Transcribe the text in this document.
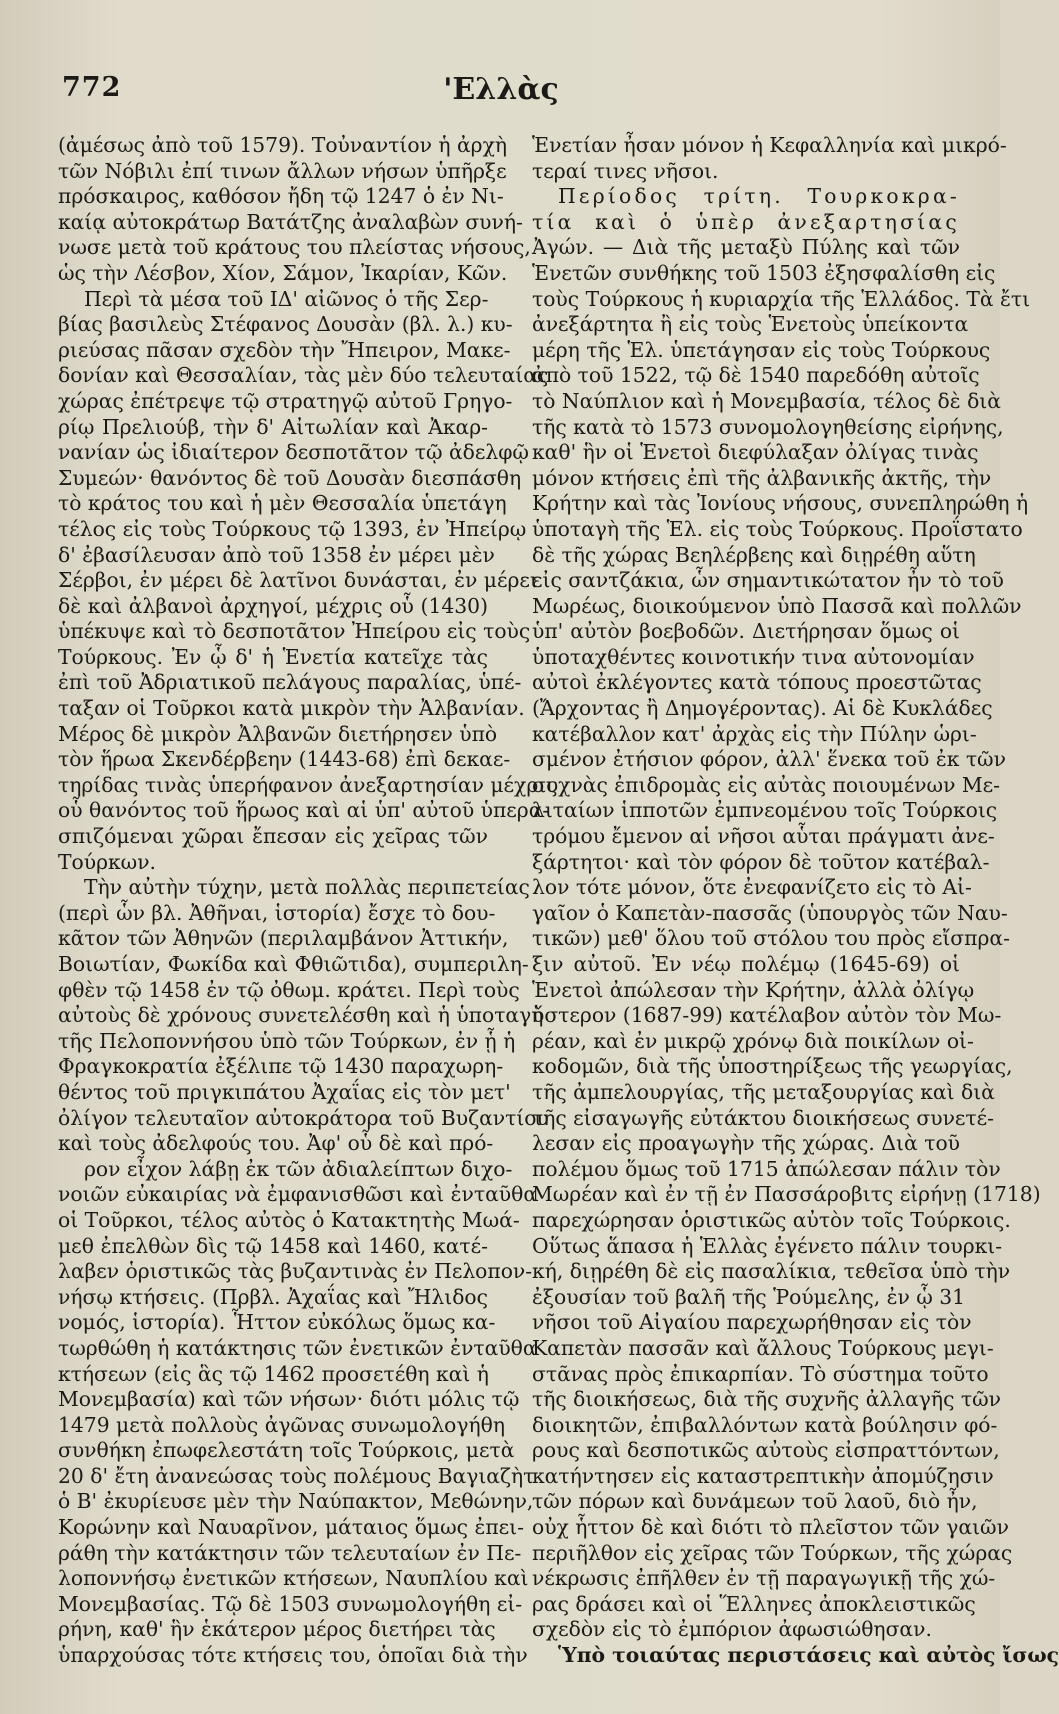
772	'Ελλὰς
(ἀμέσως ἀπὸ τοῦ 1579). Τοὐναντίον ἡ ἀρχὴ
τῶν Νόβιλι ἐπί τινων ἄλλων νήσων ὑπῆρξε
πρόσκαιρος, καθόσον ἤδη τῷ 1247 ὁ ἐν Νι-
καίᾳ αὐτοκράτωρ Βατάτζης ἀναλαβὼν συνή-
νωσε μετὰ τοῦ κράτους του πλείστας νήσους,
ὡς τὴν Λέσβον, Χίον, Σάμον, Ἰκαρίαν, Κῶν.
Περὶ τὰ μέσα τοῦ ΙΔ' αἰῶνος ὁ τῆς Σερ-
βίας βασιλεὺς Στέφανος Δουσὰν (βλ. λ.) κυ-
ριεύσας πᾶσαν σχεδὸν τὴν Ἤπειρον, Μακε-
δονίαν καὶ Θεσσαλίαν, τὰς μὲν δύο τελευταίας
χώρας ἐπέτρεψε τῷ στρατηγῷ αὐτοῦ Γρηγο-
ρίῳ Πρελιούβ, τὴν δ' Αἰτωλίαν καὶ Ἀκαρ-
νανίαν ὡς ἰδιαίτερον δεσποτᾶτον τῷ ἀδελφῷ
Συμεών· θανόντος δὲ τοῦ Δουσὰν διεσπάσθη
τὸ κράτος του καὶ ἡ μὲν Θεσσαλία ὑπετάγη
τέλος εἰς τοὺς Τούρκους τῷ 1393, ἐν Ἠπείρῳ
δ' ἐβασίλευσαν ἀπὸ τοῦ 1358 ἐν μέρει μὲν
Σέρβοι, ἐν μέρει δὲ λατῖνοι δυνάσται, ἐν μέρει
δὲ καὶ ἀλβανοὶ ἀρχηγοί, μέχρις οὗ (1430)
ὑπέκυψε καὶ τὸ δεσποτᾶτον Ἠπείρου εἰς τοὺς
Τούρκους. Ἐν ᾧ δ' ἡ Ἑνετία κατεῖχε τὰς
ἐπὶ τοῦ Ἀδριατικοῦ πελάγους παραλίας, ὑπέ-
ταξαν οἱ Τοῦρκοι κατὰ μικρὸν τὴν Ἀλβανίαν.
Μέρος δὲ μικρὸν Ἀλβανῶν διετήρησεν ὑπὸ
τὸν ἥρωα Σκενδέρβεην (1443-68) ἐπὶ δεκαε-
τηρίδας τινὰς ὑπερήφανον ἀνεξαρτησίαν μέχρις
οὗ θανόντος τοῦ ἥρωος καὶ αἱ ὑπ' αὐτοῦ ὑπερα-
σπιζόμεναι χῶραι ἔπεσαν εἰς χεῖρας τῶν
Τούρκων.
Τὴν αὐτὴν τύχην, μετὰ πολλὰς περιπετείας
(περὶ ὧν βλ. Ἀθῆναι, ἱστορία) ἔσχε τὸ δου-
κᾶτον τῶν Ἀθηνῶν (περιλαμβάνον Ἀττικήν,
Βοιωτίαν, Φωκίδα καὶ Φθιῶτιδα), συμπεριλη-
φθὲν τῷ 1458 ἐν τῷ ὀθωμ. κράτει. Περὶ τοὺς
αὐτοὺς δὲ χρόνους συνετελέσθη καὶ ἡ ὑποταγὴ
τῆς Πελοποννήσου ὑπὸ τῶν Τούρκων, ἐν ᾗ ἡ
Φραγκοκρατία ἐξέλιπε τῷ 1430 παραχωρη-
θέντος τοῦ πριγκιπάτου Ἀχαΐας εἰς τὸν μετ'
ὀλίγον τελευταῖον αὐτοκράτορα τοῦ Βυζαντίου
καὶ τοὺς ἀδελφούς του. Ἀφ' οὗ δὲ καὶ πρό-
ρον εἶχον λάβῃ ἐκ τῶν ἀδιαλείπτων διχο-
νοιῶν εὐκαιρίας νὰ ἐμφανισθῶσι καὶ ἐνταῦθα
οἱ Τοῦρκοι, τέλος αὐτὸς ὁ Κατακτητὴς Μωά-
μεθ ἐπελθὼν δὶς τῷ 1458 καὶ 1460, κατέ-
λαβεν ὁριστικῶς τὰς βυζαντινὰς ἐν Πελοπον-
νήσῳ κτήσεις. (Πρβλ. Ἀχαΐας καὶ Ἤλιδος
νομός, ἱστορία). Ἧττον εὐκόλως ὅμως κα-
τωρθώθη ἡ κατάκτησις τῶν ἐνετικῶν ἐνταῦθα
κτήσεων (εἰς ἃς τῷ 1462 προσετέθη καὶ ἡ
Μονεμβασία) καὶ τῶν νήσων· διότι μόλις τῷ
1479 μετὰ πολλοὺς ἀγῶνας συνωμολογήθη
συνθήκη ἐπωφελεστάτη τοῖς Τούρκοις, μετὰ
20 δ' ἔτη ἀνανεώσας τοὺς πολέμους Βαγιαζὴτ
ὁ Β' ἐκυρίευσε μὲν τὴν Ναύπακτον, Μεθώνην,
Κορώνην καὶ Ναυαρῖνον, μάταιος ὅμως ἐπει-
ράθη τὴν κατάκτησιν τῶν τελευταίων ἐν Πε-
λοποννήσῳ ἐνετικῶν κτήσεων, Ναυπλίου καὶ
Μονεμβασίας. Τῷ δὲ 1503 συνωμολογήθη εἰ-
ρήνη, καθ' ἣν ἑκάτερον μέρος διετήρει τὰς
ὑπαρχούσας τότε κτήσεις του, ὁποῖαι διὰ τὴν
Ἑνετίαν ἦσαν μόνον ἡ Κεφαλληνία καὶ μικρό-
τεραί τινες νῆσοι.
Περίοδος τρίτη. Τουρκοκρα-
τία καὶ ὁ ὑπὲρ ἀνεξαρτησίας
Ἀγών. — Διὰ τῆς μεταξὺ Πύλης καὶ τῶν
Ἑνετῶν συνθήκης τοῦ 1503 ἐξησφαλίσθη εἰς
τοὺς Τούρκους ἡ κυριαρχία τῆς Ἑλλάδος. Τὰ ἔτι
ἀνεξάρτητα ἢ εἰς τοὺς Ἑνετοὺς ὑπείκοντα
μέρη τῆς Ἑλ. ὑπετάγησαν εἰς τοὺς Τούρκους
ἀπὸ τοῦ 1522, τῷ δὲ 1540 παρεδόθη αὐτοῖς
τὸ Ναύπλιον καὶ ἡ Μονεμβασία, τέλος δὲ διὰ
τῆς κατὰ τὸ 1573 συνομολογηθείσης εἰρήνης,
καθ' ἣν οἱ Ἑνετοὶ διεφύλαξαν ὀλίγας τινὰς
μόνον κτήσεις ἐπὶ τῆς ἀλβανικῆς ἀκτῆς, τὴν
Κρήτην καὶ τὰς Ἰονίους νήσους, συνεπληρώθη ἡ
ὑποταγὴ τῆς Ἑλ. εἰς τοὺς Τούρκους. Προΐστατο
δὲ τῆς χώρας Βεηλέρβεης καὶ διῃρέθη αὕτη
εἰς σαντζάκια, ὧν σημαντικώτατον ἦν τὸ τοῦ
Μωρέως, διοικούμενον ὑπὸ Πασσᾶ καὶ πολλῶν
ὑπ' αὐτὸν βοεβοδῶν. Διετήρησαν ὅμως οἱ
ὑποταχθέντες κοινοτικήν τινα αὐτονομίαν
αὐτοὶ ἐκλέγοντες κατὰ τόπους προεστῶτας
(Ἄρχοντας ἢ Δημογέροντας). Αἱ δὲ Κυκλάδες
κατέβαλλον κατ' ἀρχὰς εἰς τὴν Πύλην ὡρι-
σμένον ἐτήσιον φόρον, ἀλλ' ἕνεκα τοῦ ἐκ τῶν
συχνὰς ἐπιδρομὰς εἰς αὐτὰς ποιουμένων Με-
λιταίων ἱπποτῶν ἐμπνεομένου τοῖς Τούρκοις
τρόμου ἔμενον αἱ νῆσοι αὗται πράγματι ἀνε-
ξάρτητοι· καὶ τὸν φόρον δὲ τοῦτον κατέβαλ-
λον τότε μόνον, ὅτε ἐνεφανίζετο εἰς τὸ Αἰ-
γαῖον ὁ Καπετὰν-πασσᾶς (ὑπουργὸς τῶν Ναυ-
τικῶν) μεθ' ὅλου τοῦ στόλου του πρὸς εἴσπρα-
ξιν αὐτοῦ. Ἐν νέῳ πολέμῳ (1645-69) οἱ
Ἑνετοὶ ἀπώλεσαν τὴν Κρήτην, ἀλλὰ ὀλίγῳ
ὕστερον (1687-99) κατέλαβον αὐτὸν τὸν Μω-
ρέαν, καὶ ἐν μικρῷ χρόνῳ διὰ ποικίλων οἰ-
κοδομῶν, διὰ τῆς ὑποστηρίξεως τῆς γεωργίας,
τῆς ἀμπελουργίας, τῆς μεταξουργίας καὶ διὰ
τῆς εἰσαγωγῆς εὐτάκτου διοικήσεως συνετέ-
λεσαν εἰς προαγωγὴν τῆς χώρας. Διὰ τοῦ
πολέμου ὅμως τοῦ 1715 ἀπώλεσαν πάλιν τὸν
Μωρέαν καὶ ἐν τῇ ἐν Πασσάροβιτς εἰρήνῃ (1718)
παρεχώρησαν ὁριστικῶς αὐτὸν τοῖς Τούρκοις.
Οὕτως ἅπασα ἡ Ἑλλὰς ἐγένετο πάλιν τουρκι-
κή, διῃρέθη δὲ εἰς πασαλίκια, τεθεῖσα ὑπὸ τὴν
ἐξουσίαν τοῦ βαλῆ τῆς Ῥούμελης, ἐν ᾧ 31
νῆσοι τοῦ Αἰγαίου παρεχωρήθησαν εἰς τὸν
Καπετὰν πασσᾶν καὶ ἄλλους Τούρκους μεγι-
στᾶνας πρὸς ἐπικαρπίαν. Τὸ σύστημα τοῦτο
τῆς διοικήσεως, διὰ τῆς συχνῆς ἀλλαγῆς τῶν
διοικητῶν, ἐπιβαλλόντων κατὰ βούλησιν φό-
ρους καὶ δεσποτικῶς αὐτοὺς εἰσπραττόντων,
κατήντησεν εἰς καταστρεπτικὴν ἀπομύζησιν
τῶν πόρων καὶ δυνάμεων τοῦ λαοῦ, διὸ ἦν,
οὐχ ἧττον δὲ καὶ διότι τὸ πλεῖστον τῶν γαιῶν
περιῆλθον εἰς χεῖρας τῶν Τούρκων, τῆς χώρας
νέκρωσις ἐπῆλθεν ἐν τῇ παραγωγικῇ τῆς χώ-
ρας δράσει καὶ οἱ Ἕλληνες ἀποκλειστικῶς
σχεδὸν εἰς τὸ ἐμπόριον ἀφωσιώθησαν.
Ὑπὸ τοιαύτας περιστάσεις καὶ αὐτὸς ἴσως
